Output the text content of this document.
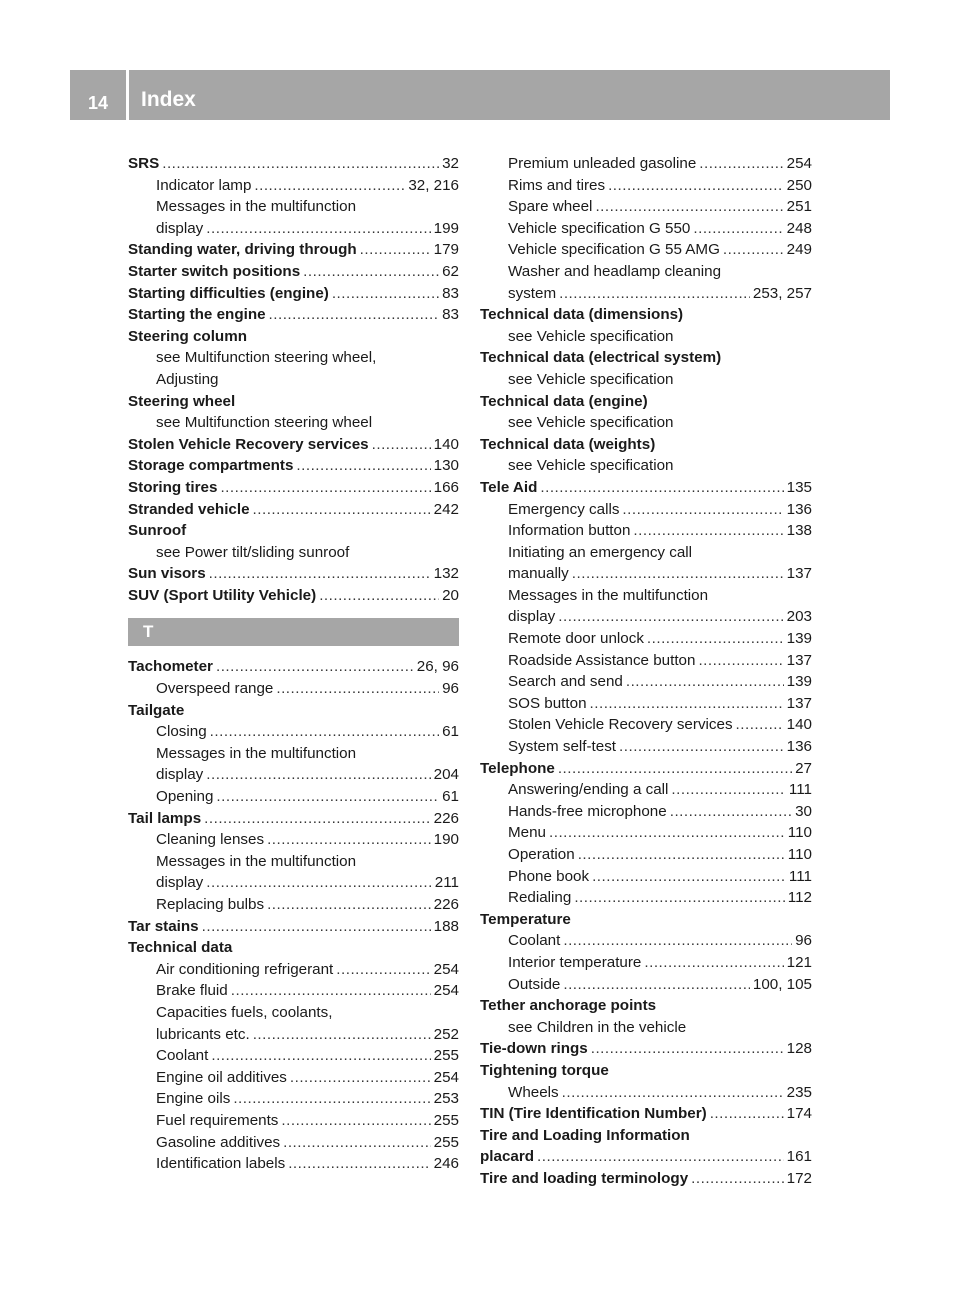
14	Index
SRS .....	32
Indicator lamp .....	32, 216
Messages in the multifunction
display .....	199
Standing water, driving through .....	179
Starter switch positions .....	62
Starting difficulties (engine) .....	83
Starting the engine .....	83
Steering column
see Multifunction steering wheel,
Adjusting
Steering wheel
see Multifunction steering wheel
Stolen Vehicle Recovery services .....	140
Storage compartments .....	130
Storing tires .....	166
Stranded vehicle .....	242
Sunroof
see Power tilt/sliding sunroof
Sun visors .....	132
SUV (Sport Utility Vehicle) .....	20
T
Tachometer .....	26, 96
Overspeed range .....	96
Tailgate
Closing .....	61
Messages in the multifunction
display .....	204
Opening .....	61
Tail lamps .....	226
Cleaning lenses .....	190
Messages in the multifunction
display .....	211
Replacing bulbs .....	226
Tar stains .....	188
Technical data
Air conditioning refrigerant .....	254
Brake fluid .....	254
Capacities fuels, coolants,
lubricants etc. .....	252
Coolant .....	255
Engine oil additives .....	254
Engine oils .....	253
Fuel requirements .....	255
Gasoline additives .....	255
Identification labels .....	246
Premium unleaded gasoline .....	254
Rims and tires .....	250
Spare wheel .....	251
Vehicle specification G 550 .....	248
Vehicle specification G 55 AMG .....	249
Washer and headlamp cleaning
system .....	253, 257
Technical data (dimensions)
see Vehicle specification
Technical data (electrical system)
see Vehicle specification
Technical data (engine)
see Vehicle specification
Technical data (weights)
see Vehicle specification
Tele Aid .....	135
Emergency calls .....	136
Information button .....	138
Initiating an emergency call
manually .....	137
Messages in the multifunction
display .....	203
Remote door unlock .....	139
Roadside Assistance button .....	137
Search and send .....	139
SOS button .....	137
Stolen Vehicle Recovery services .....	140
System self-test .....	136
Telephone .....	27
Answering/ending a call .....	111
Hands-free microphone .....	30
Menu .....	110
Operation .....	110
Phone book .....	111
Redialing .....	112
Temperature
Coolant .....	96
Interior temperature .....	121
Outside .....	100, 105
Tether anchorage points
see Children in the vehicle
Tie-down rings .....	128
Tightening torque
Wheels .....	235
TIN (Tire Identification Number) .....	174
Tire and Loading Information
placard .....	161
Tire and loading terminology .....	172
